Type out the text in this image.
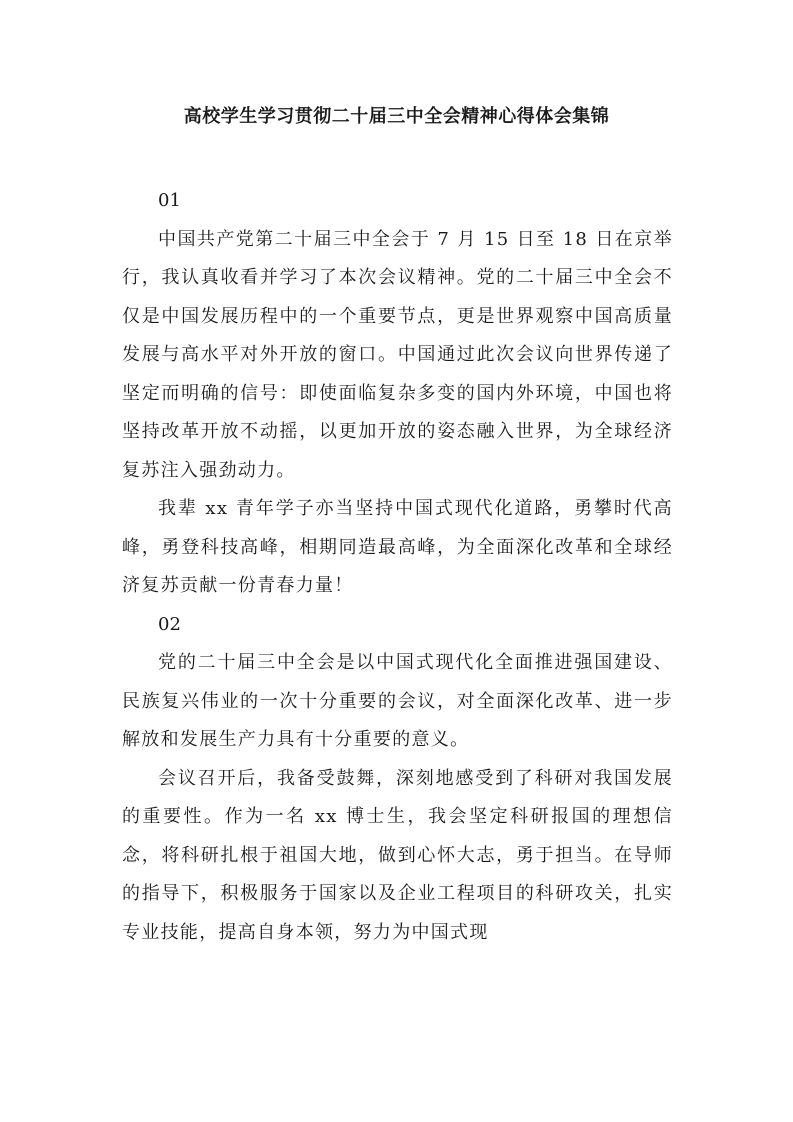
高校学生学习贯彻二十届三中全会精神心得体会集锦

01

中国共产党第二十届三中全会于 7 月 15 日至 18 日在京举行，我认真收看并学习了本次会议精神。党的二十届三中全会不仅是中国发展历程中的一个重要节点，更是世界观察中国高质量发展与高水平对外开放的窗口。中国通过此次会议向世界传递了坚定而明确的信号：即使面临复杂多变的国内外环境，中国也将坚持改革开放不动摇，以更加开放的姿态融入世界，为全球经济复苏注入强劲动力。

我辈 xx 青年学子亦当坚持中国式现代化道路，勇攀时代高峰，勇登科技高峰，相期同造最高峰，为全面深化改革和全球经济复苏贡献一份青春力量！

02

党的二十届三中全会是以中国式现代化全面推进强国建设、民族复兴伟业的一次十分重要的会议，对全面深化改革、进一步解放和发展生产力具有十分重要的意义。

会议召开后，我备受鼓舞，深刻地感受到了科研对我国发展的重要性。作为一名 xx 博士生，我会坚定科研报国的理想信念，将科研扎根于祖国大地，做到心怀大志，勇于担当。在导师的指导下，积极服务于国家以及企业工程项目的科研攻关，扎实专业技能，提高自身本领，努力为中国式现
